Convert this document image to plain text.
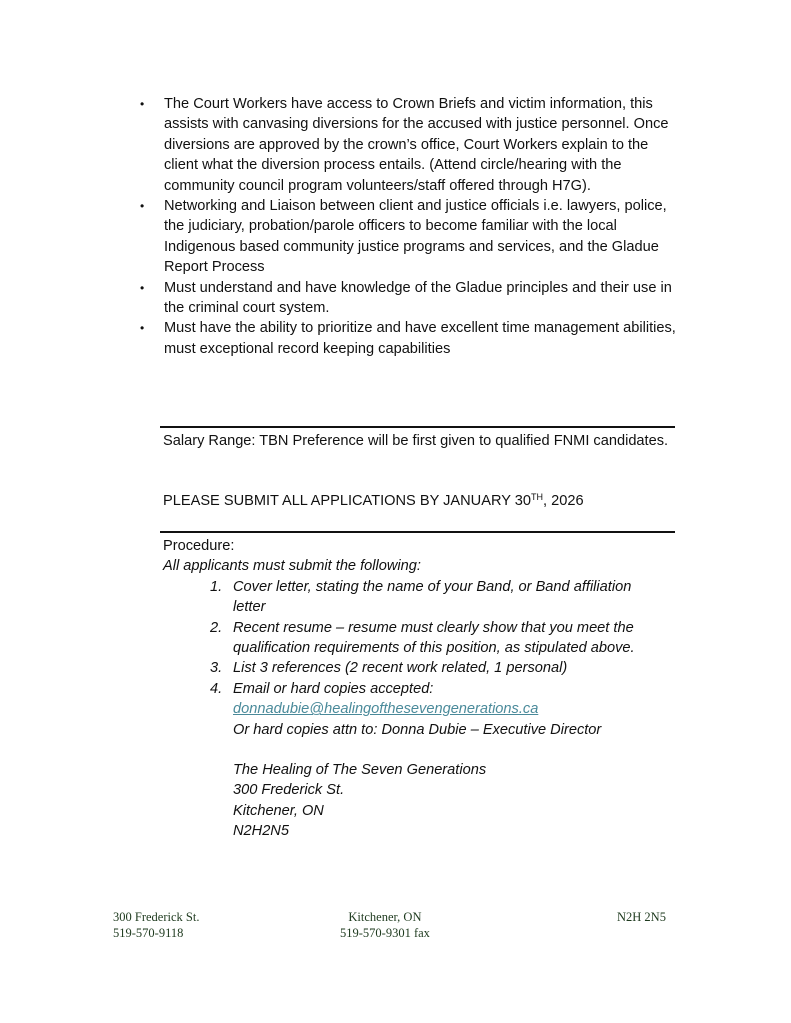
• The Court Workers have access to Crown Briefs and victim information, this assists with canvasing diversions for the accused with justice personnel. Once diversions are approved by the crown’s office, Court Workers explain to the client what the diversion process entails. (Attend circle/hearing with the community council program volunteers/staff offered through H7G).
• Networking and Liaison between client and justice officials i.e. lawyers, police, the judiciary, probation/parole officers to become familiar with the local Indigenous based community justice programs and services, and the Gladue Report Process
• Must understand and have knowledge of the Gladue principles and their use in the criminal court system.
• Must have the ability to prioritize and have excellent time management abilities, must exceptional record keeping capabilities
Salary Range: TBN Preference will be first given to qualified FNMI candidates.
PLEASE SUBMIT ALL APPLICATIONS BY JANUARY 30TH, 2026
Procedure:
All applicants must submit the following:
1. Cover letter, stating the name of your Band, or Band affiliation letter
2. Recent resume – resume must clearly show that you meet the qualification requirements of this position, as stipulated above.
3. List 3 references (2 recent work related, 1 personal)
4. Email or hard copies accepted:
donnadubie@healingofthesevengenerations.ca
Or hard copies attn to: Donna Dubie – Executive Director
The Healing of The Seven Generations
300 Frederick St.
Kitchener, ON
N2H2N5
300 Frederick St.
519-570-9118
Kitchener, ON
519-570-9301 fax
N2H 2N5
